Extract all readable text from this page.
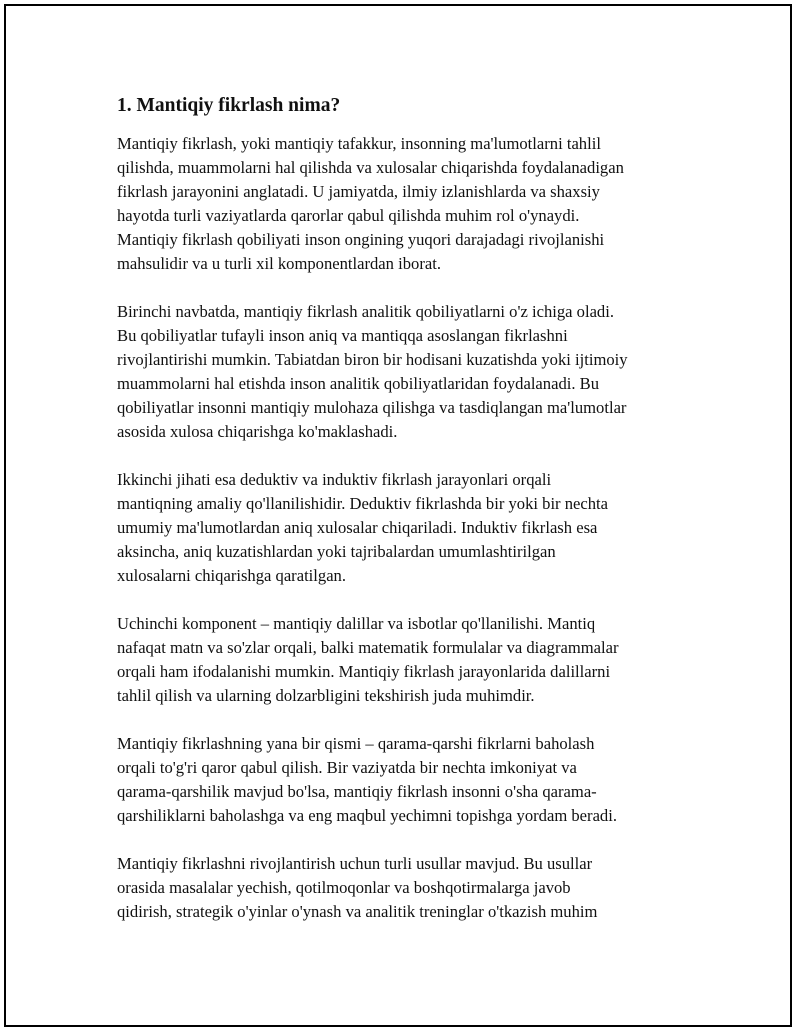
1. Mantiqiy fikrlash nima?
Mantiqiy fikrlash, yoki mantiqiy tafakkur, insonning ma'lumotlarni tahlil
qilishda, muammolarni hal qilishda va xulosalar chiqarishda foydalanadigan
fikrlash jarayonini anglatadi. U jamiyatda, ilmiy izlanishlarda va shaxsiy
hayotda turli vaziyatlarda qarorlar qabul qilishda muhim rol o'ynaydi.
Mantiqiy fikrlash qobiliyati inson ongining yuqori darajadagi rivojlanishi
mahsulidir va u turli xil komponentlardan iborat.
Birinchi navbatda, mantiqiy fikrlash analitik qobiliyatlarni o'z ichiga oladi.
Bu qobiliyatlar tufayli inson aniq va mantiqqa asoslangan fikrlashni
rivojlantirishi mumkin. Tabiatdan biron bir hodisani kuzatishda yoki ijtimoiy
muammolarni hal etishda inson analitik qobiliyatlaridan foydalanadi. Bu
qobiliyatlar insonni mantiqiy mulohaza qilishga va tasdiqlangan ma'lumotlar
asosida xulosa chiqarishga ko'maklashadi.
Ikkinchi jihati esa deduktiv va induktiv fikrlash jarayonlari orqali
mantiqning amaliy qo'llanilishidir. Deduktiv fikrlashda bir yoki bir nechta
umumiy ma'lumotlardan aniq xulosalar chiqariladi. Induktiv fikrlash esa
aksincha, aniq kuzatishlardan yoki tajribalardan umumlashtirilgan
xulosalarni chiqarishga qaratilgan.
Uchinchi komponent – mantiqiy dalillar va isbotlar qo'llanilishi. Mantiq
nafaqat matn va so'zlar orqali, balki matematik formulalar va diagrammalar
orqali ham ifodalanishi mumkin. Mantiqiy fikrlash jarayonlarida dalillarni
tahlil qilish va ularning dolzarbligini tekshirish juda muhimdir.
Mantiqiy fikrlashning yana bir qismi – qarama-qarshi fikrlarni baholash
orqali to'g'ri qaror qabul qilish. Bir vaziyatda bir nechta imkoniyat va
qarama-qarshilik mavjud bo'lsa, mantiqiy fikrlash insonni o'sha qarama-
qarshiliklarni baholashga va eng maqbul yechimni topishga yordam beradi.
Mantiqiy fikrlashni rivojlantirish uchun turli usullar mavjud. Bu usullar
orasida masalalar yechish, qotilmoqonlar va boshqotirmalarga javob
qidirish, strategik o'yinlar o'ynash va analitik treninglar o'tkazish muhim
